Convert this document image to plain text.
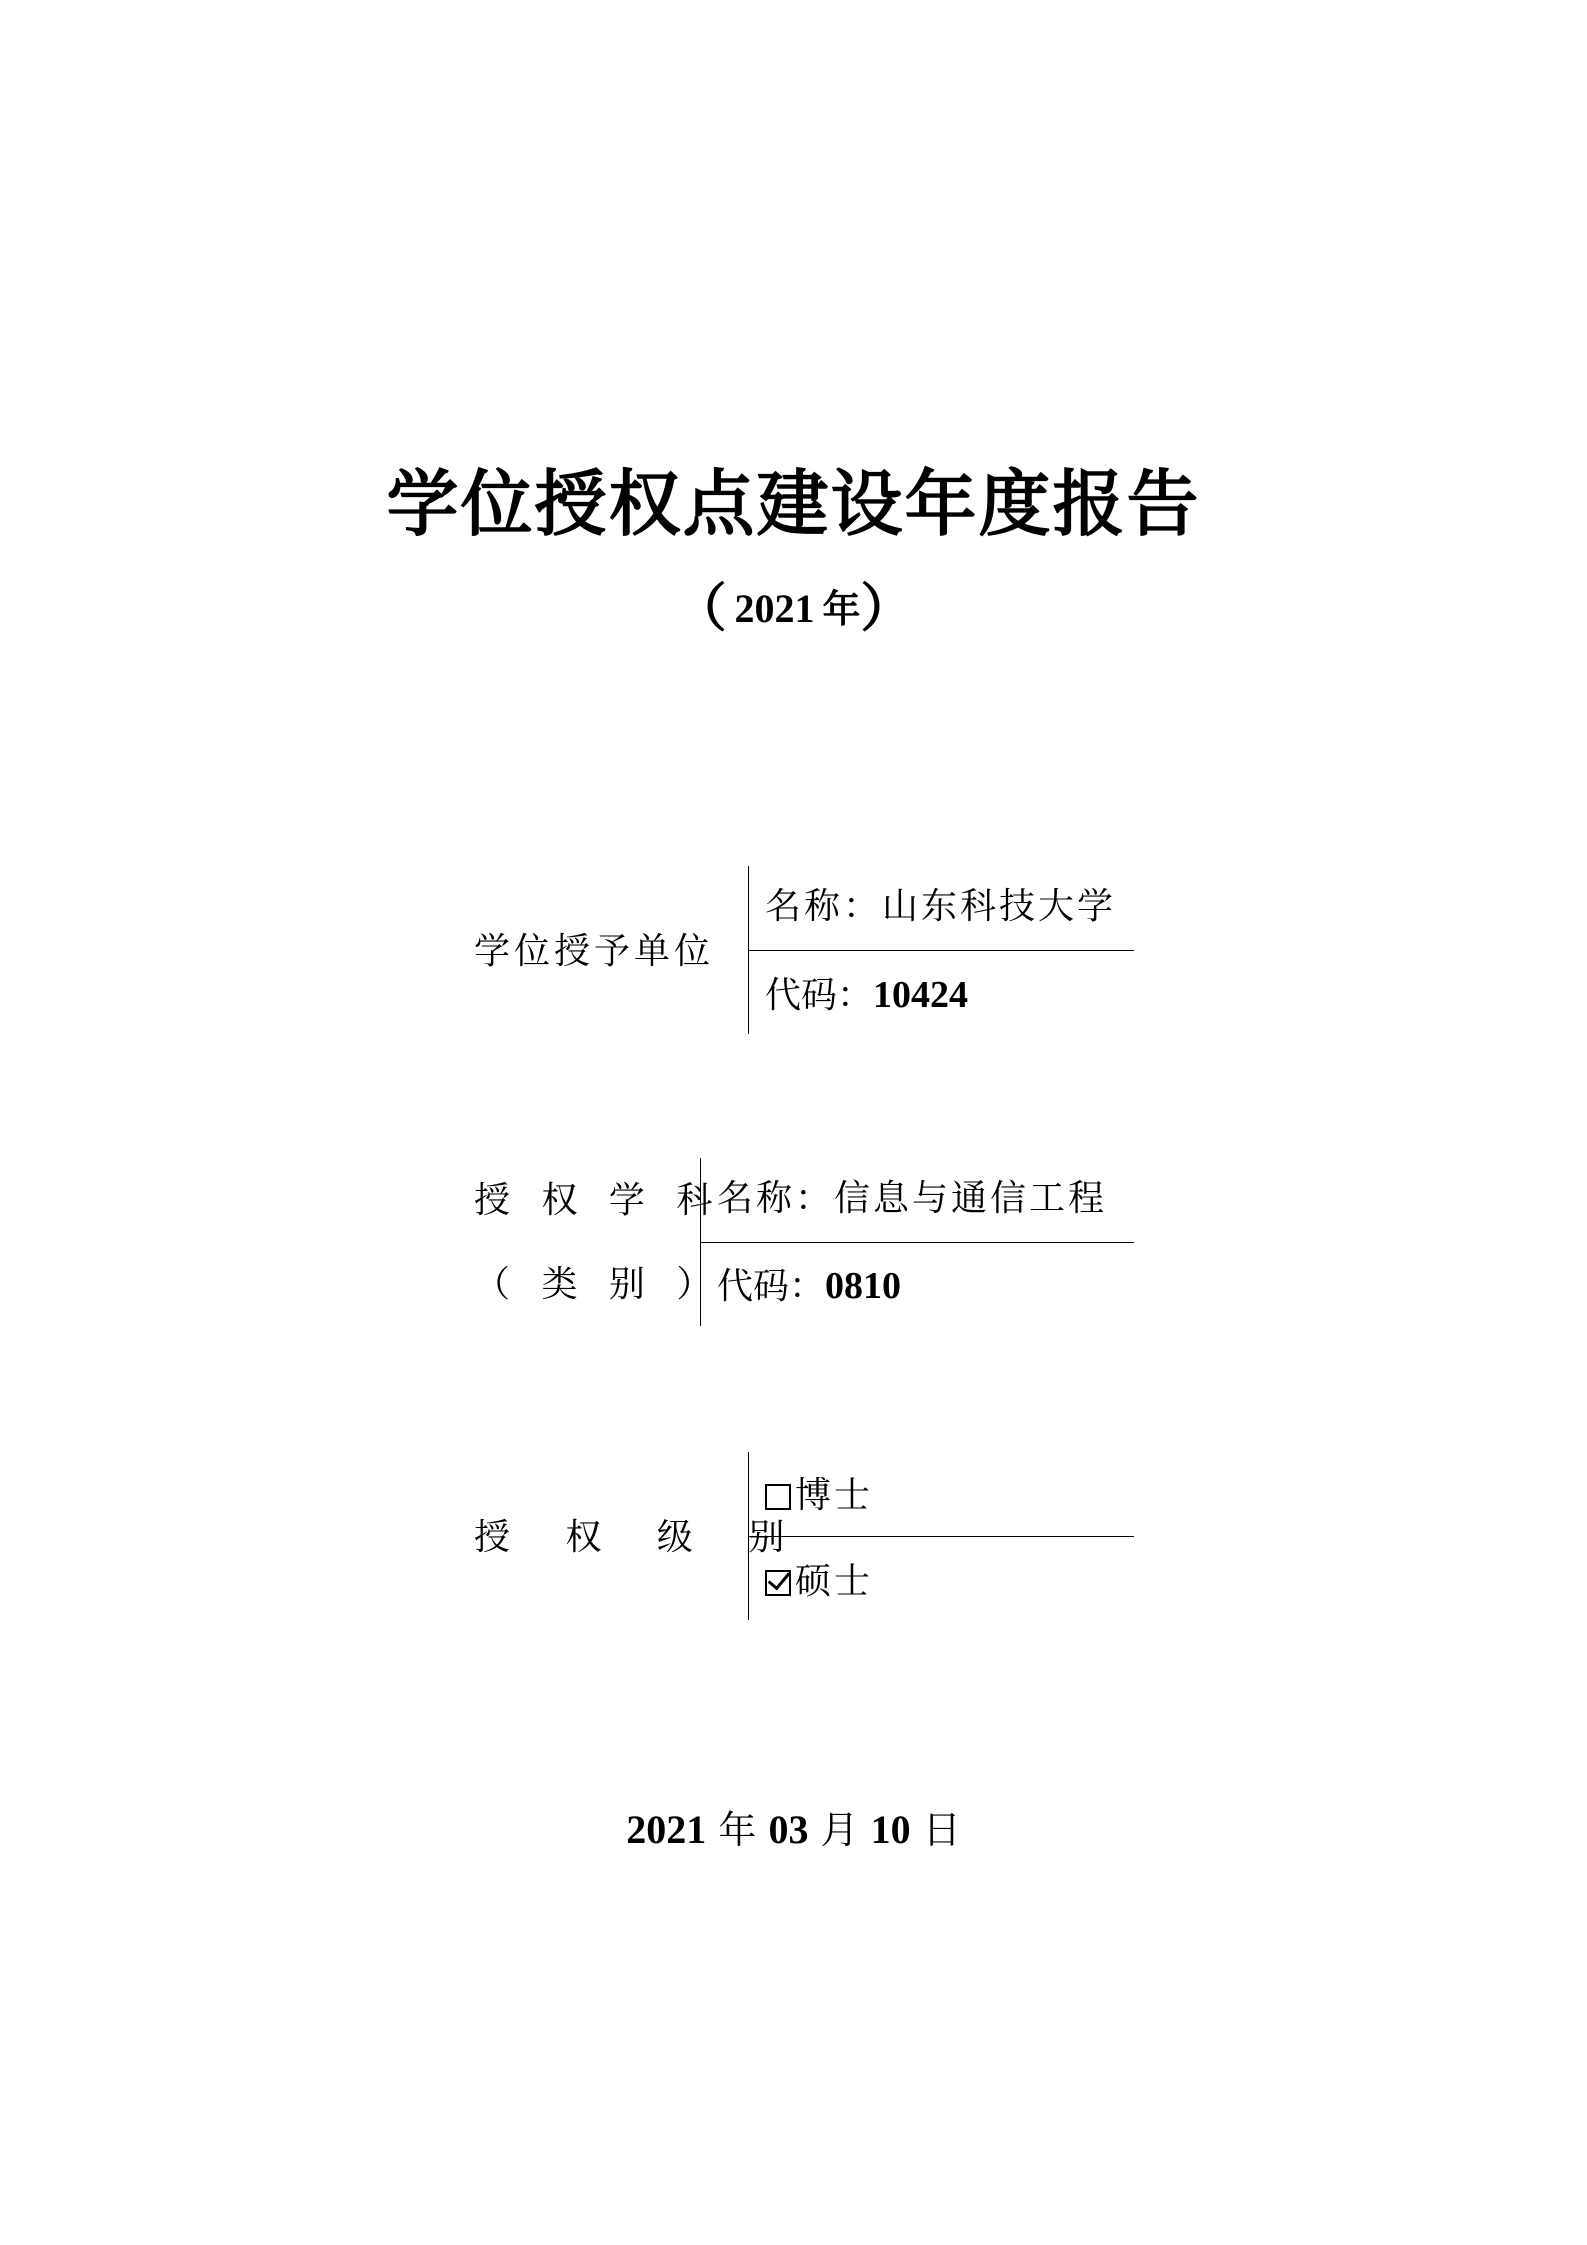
学位授权点建设年度报告
（ 2021 年）
学位授予单位
名称：山东科技大学
代码：10424
授 权 学 科
（ 类 别 ）
名称：信息与通信工程
代码：0810
授 权 级 别
博士
硕士
2021 年 03 月 10 日
